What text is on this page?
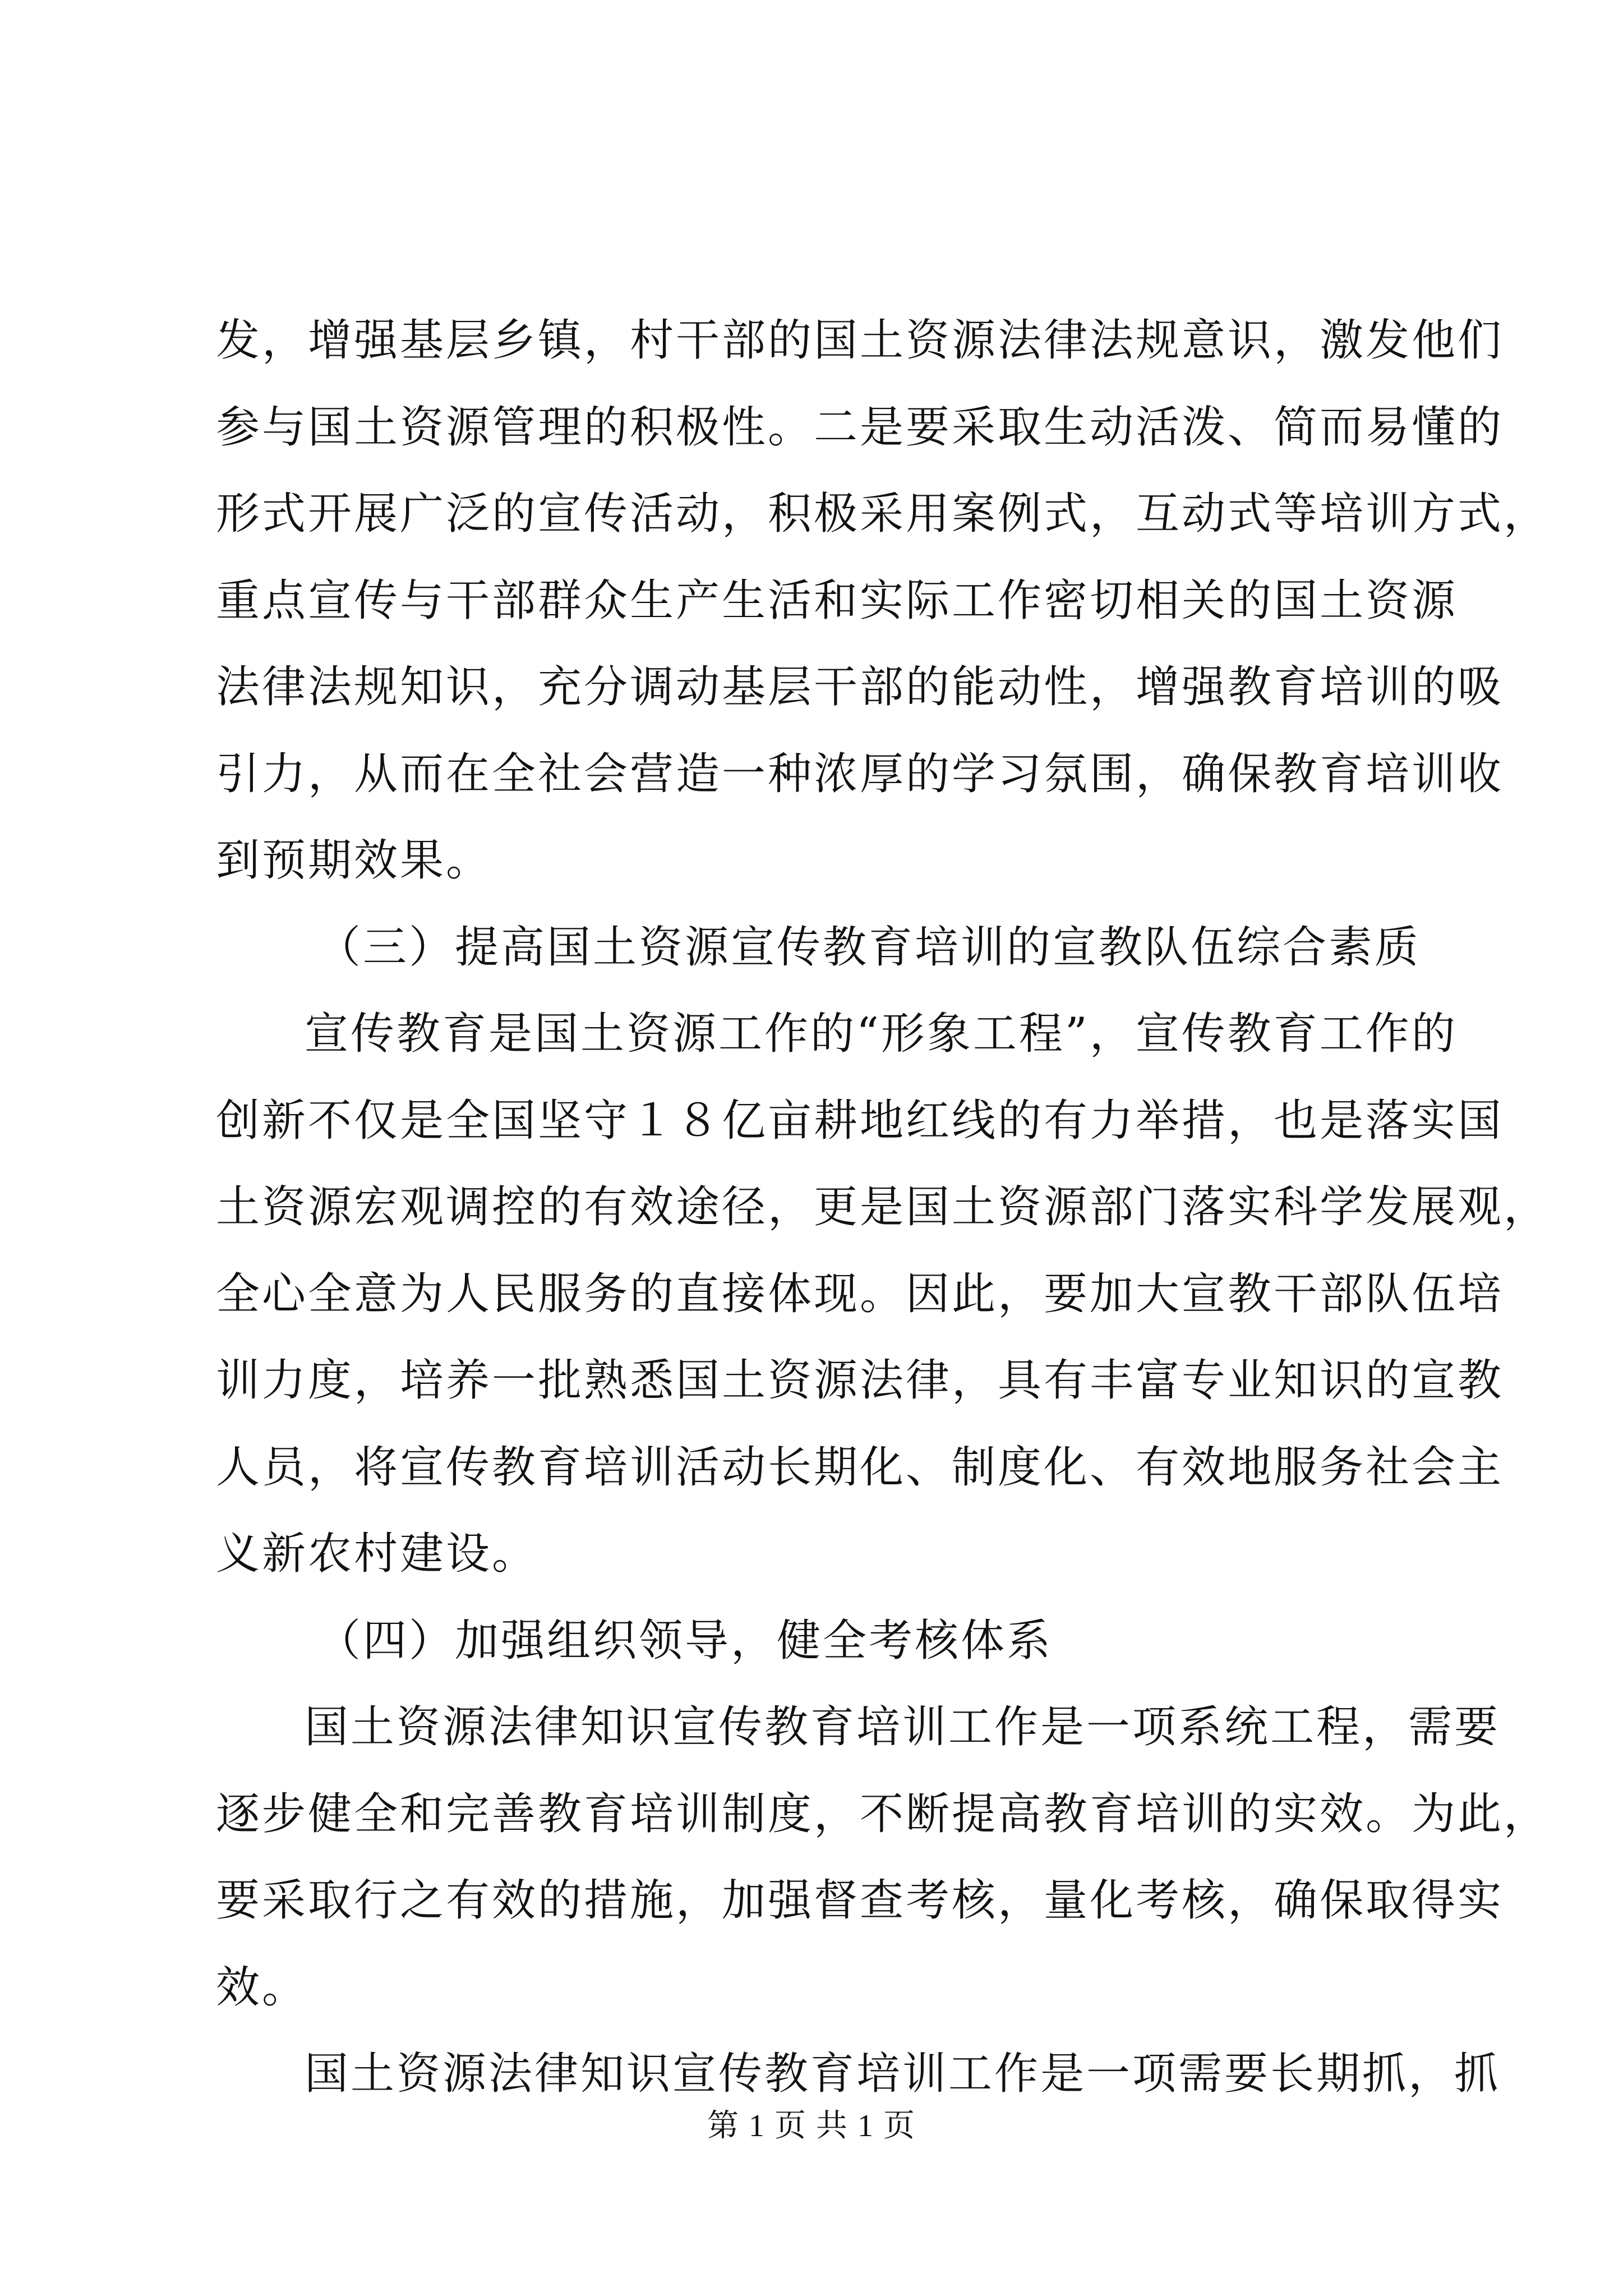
发，增强基层乡镇，村干部的国土资源法律法规意识，激发他们
参与国土资源管理的积极性。二是要采取生动活泼、简而易懂的
形式开展广泛的宣传活动，积极采用案例式，互动式等培训方式，
重点宣传与干部群众生产生活和实际工作密切相关的国土资源
法律法规知识，充分调动基层干部的能动性，增强教育培训的吸
引力，从而在全社会营造一种浓厚的学习氛围，确保教育培训收
到预期效果。
（三）提高国土资源宣传教育培训的宣教队伍综合素质
宣传教育是国土资源工作的“形象工程”，宣传教育工作的
创新不仅是全国坚守１８亿亩耕地红线的有力举措，也是落实国
土资源宏观调控的有效途径，更是国土资源部门落实科学发展观，
全心全意为人民服务的直接体现。因此，要加大宣教干部队伍培
训力度，培养一批熟悉国土资源法律，具有丰富专业知识的宣教
人员，将宣传教育培训活动长期化、制度化、有效地服务社会主
义新农村建设。
（四）加强组织领导，健全考核体系
国土资源法律知识宣传教育培训工作是一项系统工程，需要
逐步健全和完善教育培训制度，不断提高教育培训的实效。为此，
要采取行之有效的措施，加强督查考核，量化考核，确保取得实
效。
国土资源法律知识宣传教育培训工作是一项需要长期抓，抓
第 1 页 共 1 页
